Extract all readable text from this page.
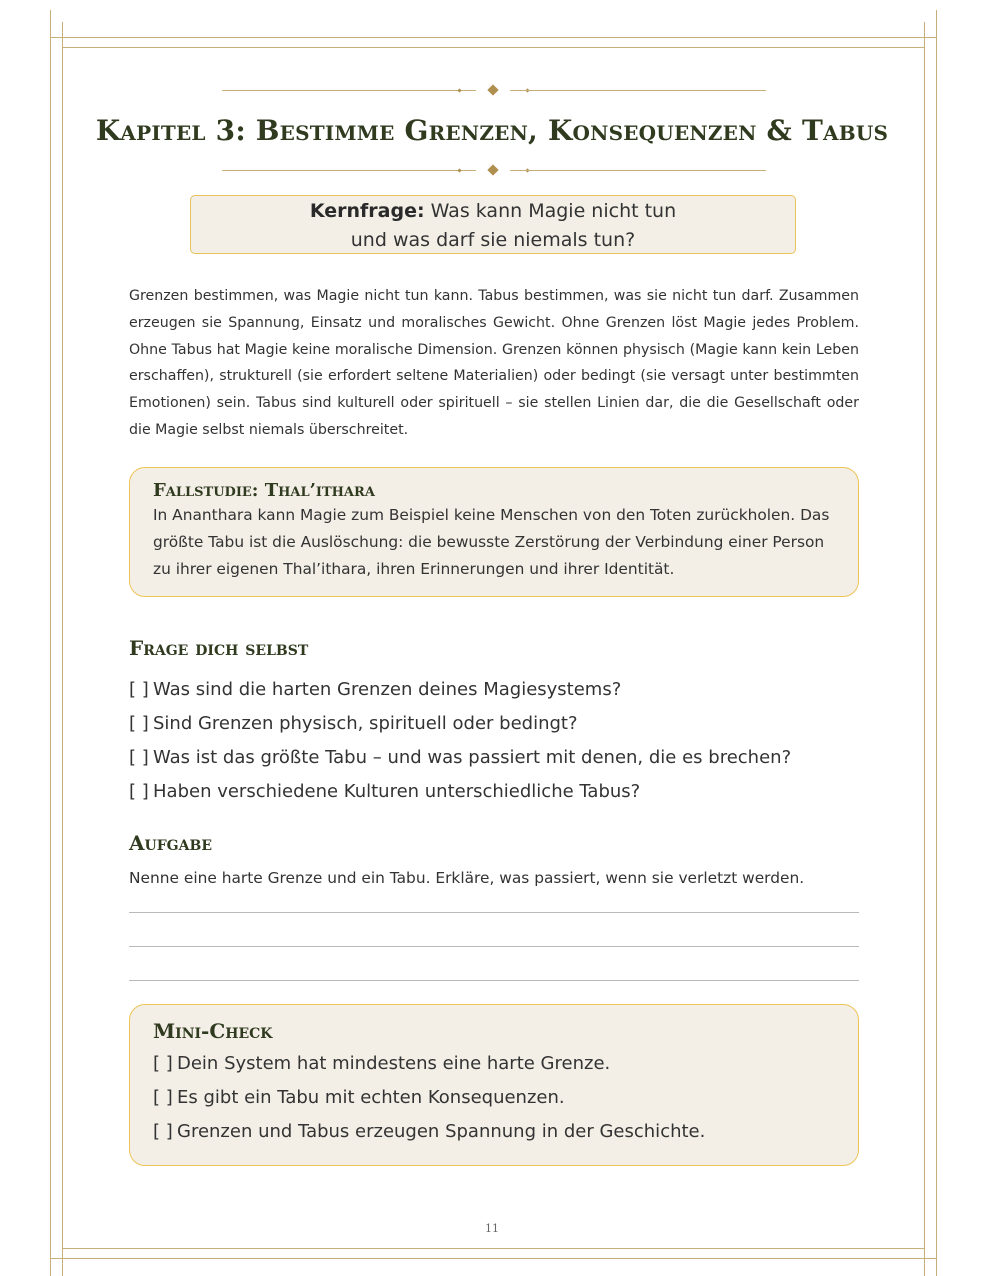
Kapitel 3: Bestimme Grenzen, Konsequenzen & Tabus
Kernfrage: Was kann Magie nicht tun
und was darf sie niemals tun?

Grenzen bestimmen, was Magie nicht tun kann. Tabus bestimmen, was sie nicht tun darf. Zusammen erzeugen sie Spannung, Einsatz und moralisches Gewicht. Ohne Grenzen löst Magie jedes Problem. Ohne Tabus hat Magie keine moralische Dimension. Grenzen können physisch (Magie kann kein Leben erschaffen), strukturell (sie erfordert seltene Materialien) oder bedingt (sie versagt unter bestimmten Emotionen) sein. Tabus sind kulturell oder spirituell – sie stellen Linien dar, die die Gesellschaft oder die Magie selbst niemals überschreitet.

Fallstudie: Thal’ithara

In Ananthara kann Magie zum Beispiel keine Menschen von den Toten zurückholen. Das größte Tabu ist die Auslöschung: die bewusste Zerstörung der Verbindung einer Person zu ihrer eigenen Thal’ithara, ihren Erinnerungen und ihrer Identität.

Frage dich selbst
[ ] Was sind die harten Grenzen deines Magiesystems?
[ ] Sind Grenzen physisch, spirituell oder bedingt?
[ ] Was ist das größte Tabu – und was passiert mit denen, die es brechen?
[ ] Haben verschiedene Kulturen unterschiedliche Tabus?
Aufgabe

Nenne eine harte Grenze und ein Tabu. Erkläre, was passiert, wenn sie verletzt werden.

Mini-Check
[ ] Dein System hat mindestens eine harte Grenze.
[ ] Es gibt ein Tabu mit echten Konsequenzen.
[ ] Grenzen und Tabus erzeugen Spannung in der Geschichte.
11
